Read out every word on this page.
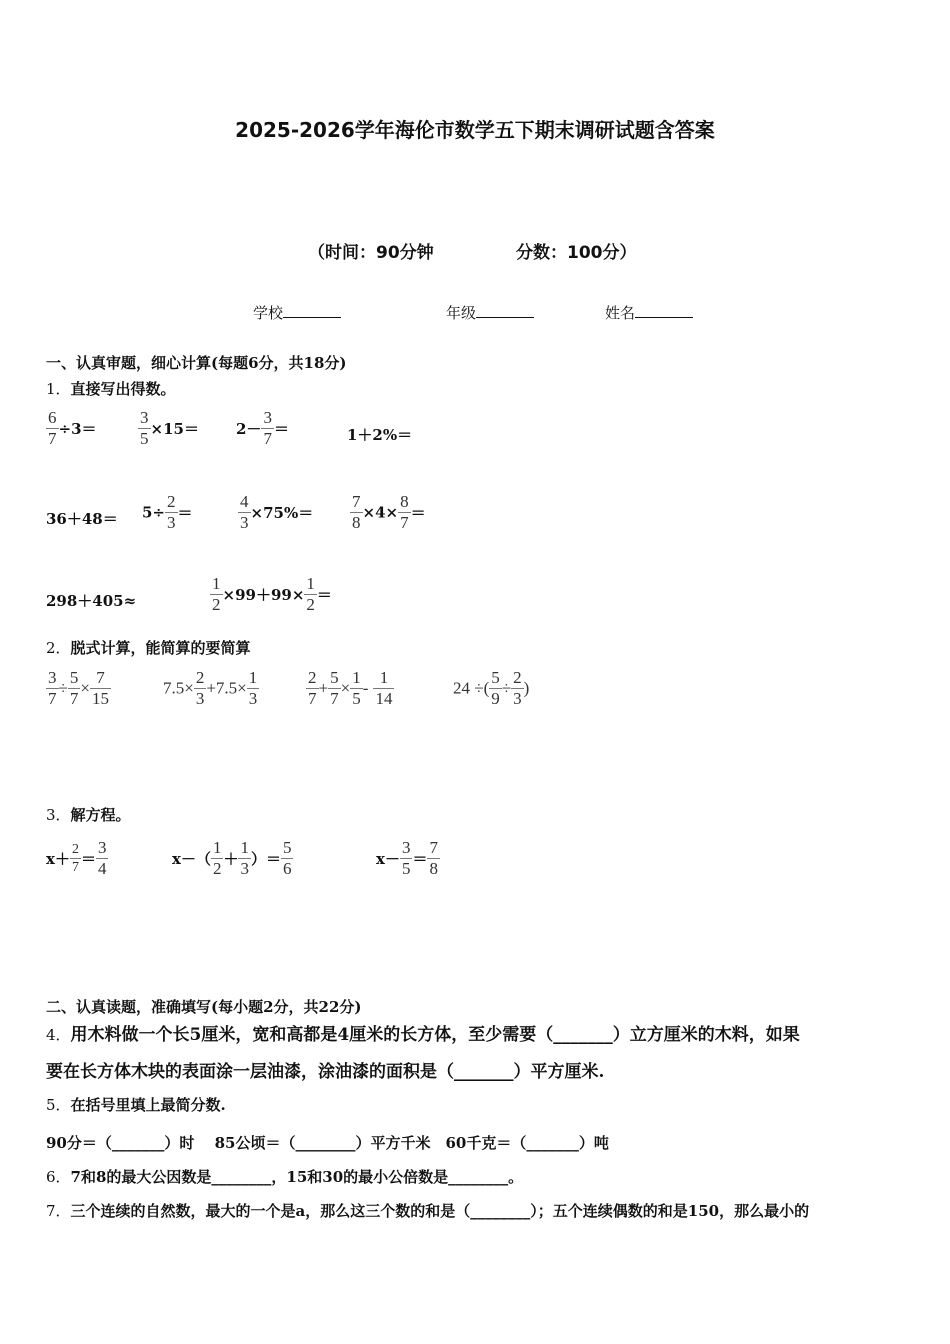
2025-2026学年海伦市数学五下期末调研试题含答案
（时间：90分钟	分数：100分）
学校	年级	姓名
一、认真审题，细心计算(每题6分，共18分)
1．直接写出得数。
$\frac{6}{7} \div 3= \frac{3}{5} \times 15= 2- \frac{3}{7}$ ＝	1＋2%＝
$36+48= 5\div \frac{2}{3}$ ＝	$\frac{4}{3} \times 75\%= \frac{7}{8} \times 4\times \frac{8}{7}$ ＝
298＋405≈	$\frac{1}{2} \times 99+99\times \frac{1}{2}$ ＝
2．脱式计算，能简算的要简算
$\frac{3}{7} \div \frac{5}{7} \times \frac{7}{15}$	$7.5\times \frac{2}{3} +7.5\times \frac{1}{3}$	$\frac{2}{7} + \frac{5}{7} \times \frac{1}{5} - \frac{1}{14}$	24 ÷( $\frac{5}{9} \div \frac{2}{3}$ )
3．解方程。
$x+ \frac{2}{7} = \frac{3}{4}$	$x-( \frac{1}{2} + \frac{1}{3}$ ）＝ $\frac{5}{6}$	$x- \frac{3}{5} = \frac{7}{8}$
二、认真读题，准确填写(每小题2分，共22分)
4．用木料做一个长5厘米，宽和高都是4厘米的长方体，至少需要（_______）立方厘米的木料，如果
要在长方体木块的表面涂一层油漆，涂油漆的面积是（_______）平方厘米.
5．在括号里填上最简分数.
90分＝（_______）时　 85公顷＝（________）平方千米　60千克＝（_______）吨
6．7和8的最大公因数是________，15和30的最小公倍数是________。
7．三个连续的自然数，最大的一个是a，那么这三个数的和是（________）；五个连续偶数的和是150，那么最小的
